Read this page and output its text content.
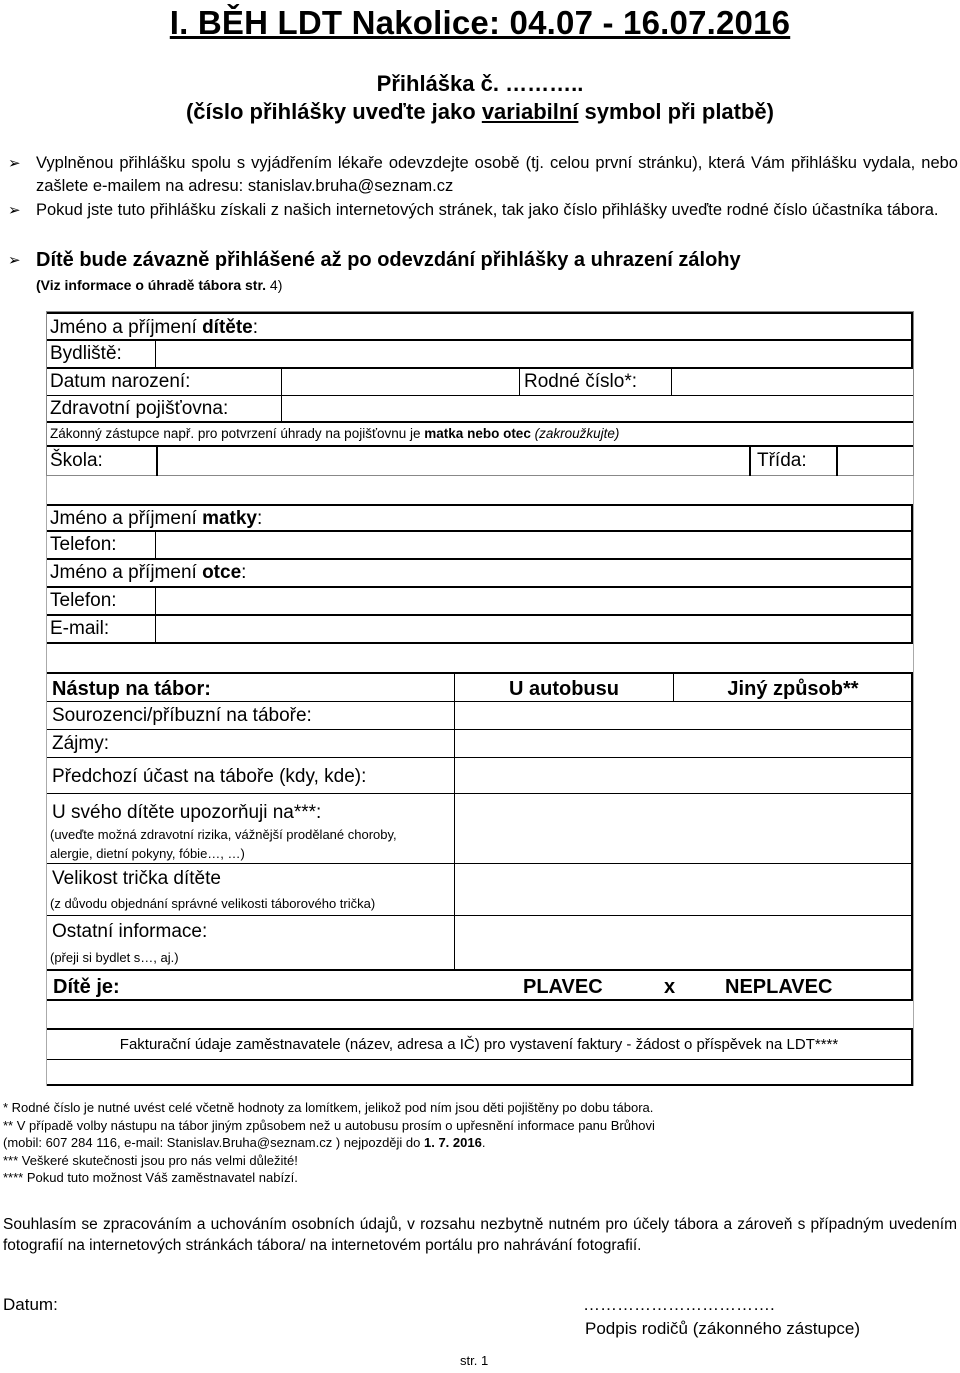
I. BĚH LDT Nakolice: 04.07 - 16.07.2016
Přihláška č. ………..
(číslo přihlášky uveďte jako variabilní symbol při platbě)
➢ Vyplněnou přihlášku spolu s vyjádřením lékaře odevzdejte osobě (tj. celou první stránku), která Vám přihlášku vydala, nebo zašlete e-mailem na adresu: stanislav.bruha@seznam.cz
➢ Pokud jste tuto přihlášku získali z našich internetových stránek, tak jako číslo přihlášky uveďte rodné číslo účastníka tábora.
➢ Dítě bude závazně přihlášené až po odevzdání přihlášky a uhrazení zálohy
(Viz informace o úhradě tábora str. 4)
Jméno a příjmení dítěte:
Bydliště:
Datum narození:	Rodné číslo*:
Zdravotní pojišťovna:
Zákonný zástupce např. pro potvrzení úhrady na pojišťovnu je matka nebo otec (zakroužkujte)
Škola:	Třída:
Jméno a příjmení matky:
Telefon:
Jméno a příjmení otce:
Telefon:
E-mail:
Nástup na tábor:	U autobusu	Jiný způsob**
Sourozenci/příbuzní na táboře:
Zájmy:
Předchozí účast na táboře (kdy, kde):
U svého dítěte upozorňuji na***:
(uveďte možná zdravotní rizika, vážnější prodělané choroby,
alergie, dietní pokyny, fóbie…, …)
Velikost trička dítěte
(z důvodu objednání správné velikosti táborového trička)
Ostatní informace:
(přeji si bydlet s…, aj.)
Dítě je:	PLAVEC	x NEPLAVEC
Fakturační údaje zaměstnavatele (název, adresa a IČ) pro vystavení faktury - žádost o příspěvek na LDT****
* Rodné číslo je nutné uvést celé včetně hodnoty za lomítkem, jelikož pod ním jsou děti pojištěny po dobu tábora.
** V případě volby nástupu na tábor jiným způsobem než u autobusu prosím o upřesnění informace panu Brůhovi
(mobil: 607 284 116, e-mail: Stanislav.Bruha@seznam.cz ) nejpozději do 1. 7. 2016.
*** Veškeré skutečnosti jsou pro nás velmi důležité!
**** Pokud tuto možnost Váš zaměstnavatel nabízí.
Souhlasím se zpracováním a uchováním osobních údajů, v rozsahu nezbytně nutném pro účely tábora a zároveň s případným uvedením fotografií na internetových stránkách tábora/ na internetovém portálu pro nahrávání fotografií.
Datum:	…………………………….
Podpis rodičů (zákonného zástupce)
str. 1
